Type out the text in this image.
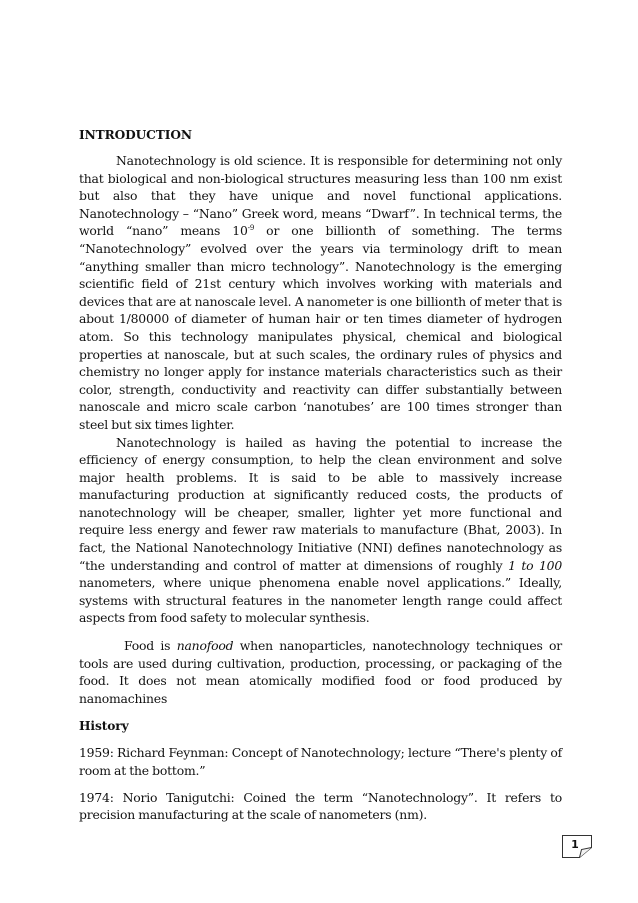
INTRODUCTION

Nanotechnology is old science. It is responsible for determining not only that biological and non-biological structures measuring less than 100 nm exist but also that they have unique and novel functional applications. Nanotechnology – “Nano” Greek word, means “Dwarf”. In technical terms, the world “nano” means $10^{-9}$ or one billionth of something. The terms “Nanotechnology” evolved over the years via terminology drift to mean “anything smaller than micro technology”. Nanotechnology is the emerging scientific field of 21st century which involves working with materials and devices that are at nanoscale level. A nanometer is one billionth of meter that is about 1/80000 of diameter of human hair or ten times diameter of hydrogen atom. So this technology manipulates physical, chemical and biological properties at nanoscale, but at such scales, the ordinary rules of physics and chemistry no longer apply for instance materials characteristics such as their color, strength, conductivity and reactivity can differ substantially between nanoscale and micro scale carbon ‘nanotubes’ are 100 times stronger than steel but six times lighter.

Nanotechnology is hailed as having the potential to increase the efficiency of energy consumption, to help the clean environment and solve major health problems. It is said to be able to massively increase manufacturing production at significantly reduced costs, the products of nanotechnology will be cheaper, smaller, lighter yet more functional and require less energy and fewer raw materials to manufacture (Bhat, 2003). In fact, the National Nanotechnology Initiative (NNI) defines nanotechnology as “the understanding and control of matter at dimensions of roughly 1 to 100 nanometers, where unique phenomena enable novel applications.” Ideally, systems with structural features in the nanometer length range could affect aspects from food safety to molecular synthesis.

Food is nanofood when nanoparticles, nanotechnology techniques or tools are used during cultivation, production, processing, or packaging of the food. It does not mean atomically modified food or food produced by nanomachines

History

1959: Richard Feynman: Concept of Nanotechnology; lecture “There's plenty of room at the bottom.”

1974: Norio Tanigutchi: Coined the term “Nanotechnology”. It refers to precision manufacturing at the scale of nanometers (nm).

1
